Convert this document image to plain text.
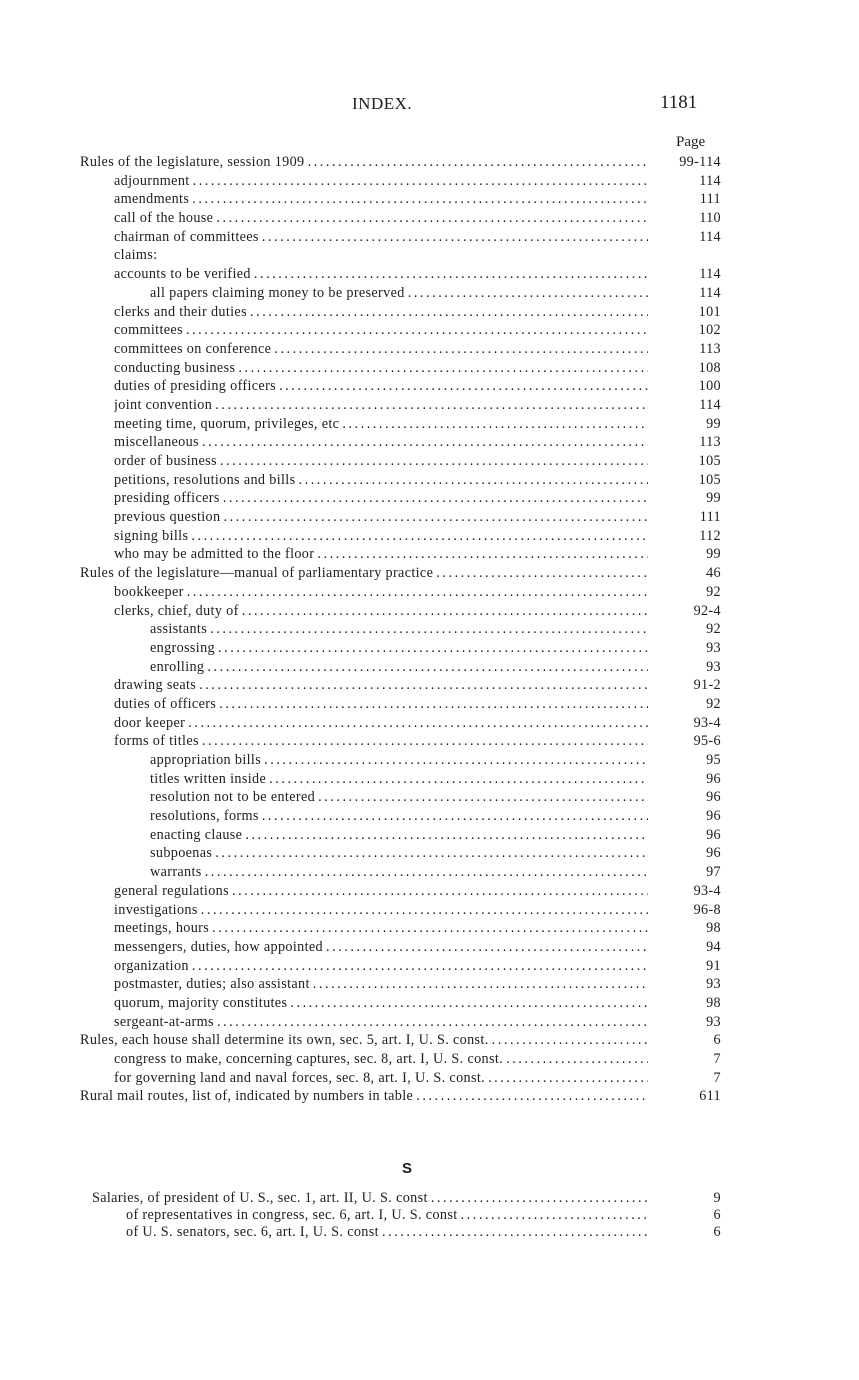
INDEX.	1181
Page
Rules of the legislature, session 1909 . . .	99-114
adjournment . . .	114
amendments . . .	111
call of the house . . .	110
chairman of committees . . .	114
claims:
accounts to be verified . . .	114
all papers claiming money to be preserved . . .	114
clerks and their duties . . .	101
committees . . .	102
committees on conference . . .	113
conducting business . . .	108
duties of presiding officers . . .	100
joint convention . . .	114
meeting time, quorum, privileges, etc . . .	99
miscellaneous . . .	113
order of business . . .	105
petitions, resolutions and bills . . .	105
presiding officers . . .	99
previous question . . .	111
signing bills . . .	112
who may be admitted to the floor . . .	99
Rules of the legislature—manual of parliamentary practice . . .	46
bookkeeper . . .	92
clerks, chief, duty of . . .	92-4
assistants . . .	92
engrossing . . .	93
enrolling . . .	93
drawing seats . . .	91-2
duties of officers . . .	92
door keeper . . .	93-4
forms of titles . . .	95-6
appropriation bills . . .	95
titles written inside . . .	96
resolution not to be entered . . .	96
resolutions, forms . . .	96
enacting clause . . .	96
subpoenas . . .	96
warrants . . .	97
general regulations . . .	93-4
investigations . . .	96-8
meetings, hours . . .	98
messengers, duties, how appointed . . .	94
organization . . .	91
postmaster, duties; also assistant . . .	93
quorum, majority constitutes . . .	98
sergeant-at-arms . . .	93
Rules, each house shall determine its own, sec. 5, art. I, U. S. const. . . .	6
congress to make, concerning captures, sec. 8, art. I, U. S. const. . . .	7
for governing land and naval forces, sec. 8, art. I, U. S. const. . . .	7
Rural mail routes, list of, indicated by numbers in table . . .	611
S
Salaries, of president of U. S., sec. 1, art. II, U. S. const . . .	9
of representatives in congress, sec. 6, art. I, U. S. const . . .	6
of U. S. senators, sec. 6, art. I, U. S. const . . .	6
